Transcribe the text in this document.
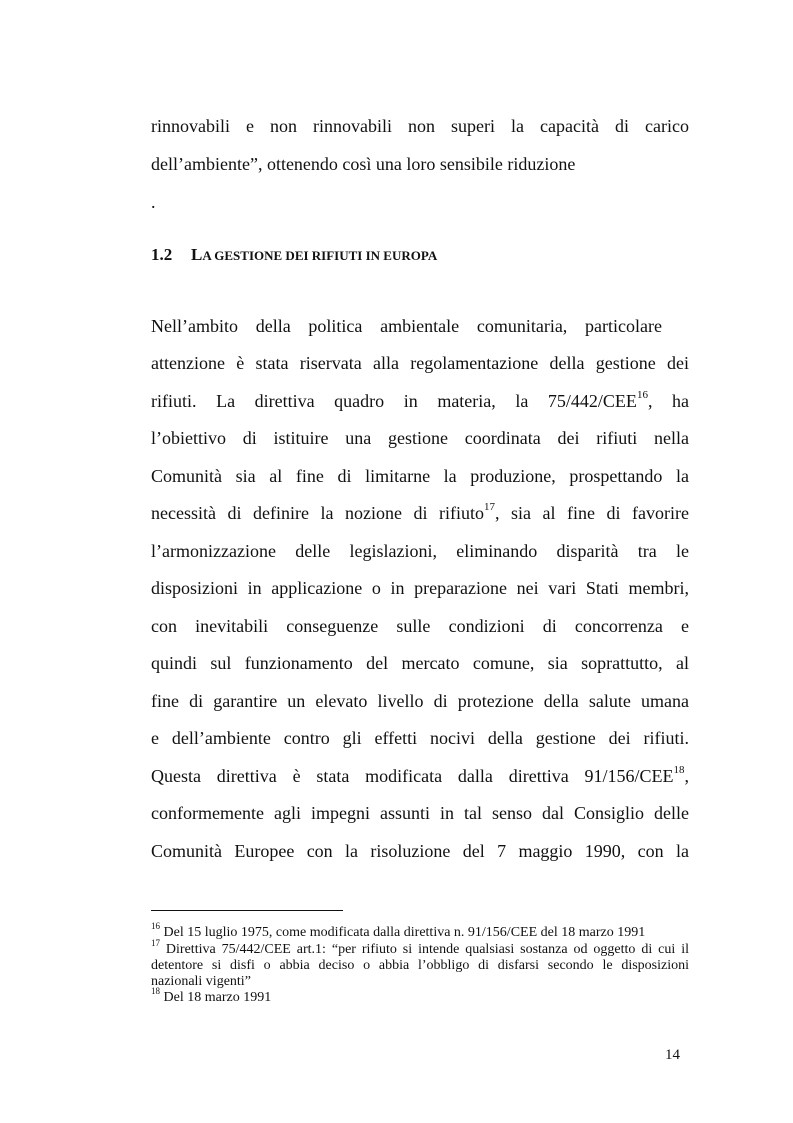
rinnovabili e non rinnovabili non superi la capacità di carico
dell’ambiente”, ottenendo così una loro sensibile riduzione
.
1.2 LA GESTIONE DEI RIFIUTI IN EUROPA
Nell’ambito della politica ambientale comunitaria, particolare
attenzione è stata riservata alla regolamentazione della gestione dei
rifiuti. La direttiva quadro in materia, la 75/442/CEE$^{16}$, ha
l’obiettivo di istituire una gestione coordinata dei rifiuti nella
Comunità sia al fine di limitarne la produzione, prospettando la
necessità di definire la nozione di rifiuto$^{17}$, sia al fine di favorire
l’armonizzazione delle legislazioni, eliminando disparità tra le
disposizioni in applicazione o in preparazione nei vari Stati membri,
con inevitabili conseguenze sulle condizioni di concorrenza e
quindi sul funzionamento del mercato comune, sia soprattutto, al
fine di garantire un elevato livello di protezione della salute umana
e dell’ambiente contro gli effetti nocivi della gestione dei rifiuti.
Questa direttiva è stata modificata dalla direttiva 91/156/CEE$^{18}$,
conformemente agli impegni assunti in tal senso dal Consiglio delle
Comunità Europee con la risoluzione del 7 maggio 1990, con la
$^{16}$ Del 15 luglio 1975, come modificata dalla direttiva n. 91/156/CEE del 18 marzo 1991
$^{17}$ Direttiva 75/442/CEE art.1: “per rifiuto si intende qualsiasi sostanza od oggetto di cui il
detentore si disfi o abbia deciso o abbia l’obbligo di disfarsi secondo le disposizioni
nazionali vigenti”
$^{18}$ Del 18 marzo 1991
14
